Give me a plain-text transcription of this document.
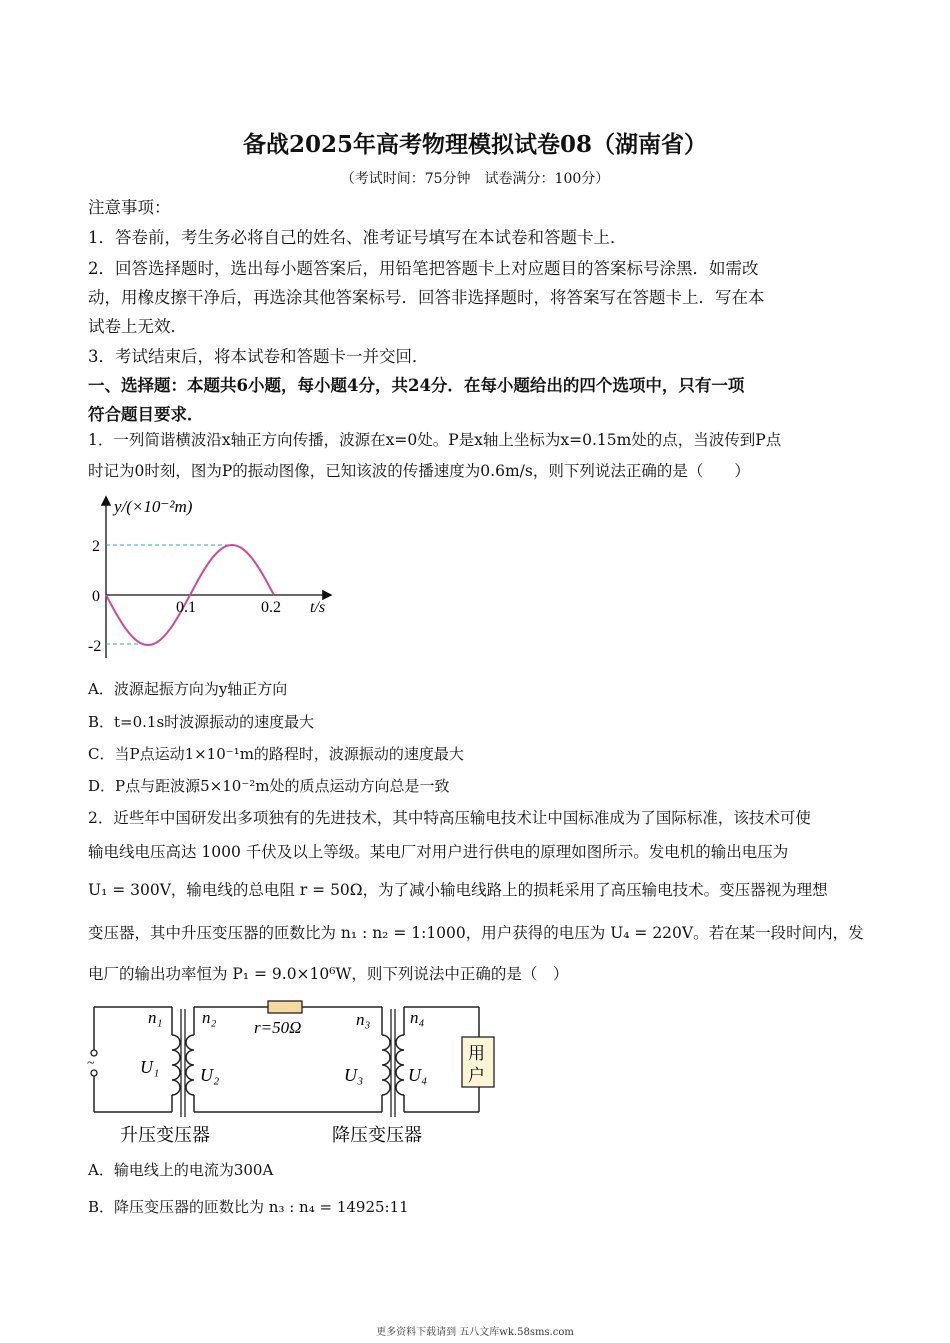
备战2025年高考物理模拟试卷08（湖南省）
（考试时间：75分钟　试卷满分：100分）
注意事项：
1．答卷前，考生务必将自己的姓名、准考证号填写在本试卷和答题卡上．
2．回答选择题时，选出每小题答案后，用铅笔把答题卡上对应题目的答案标号涂黑．如需改
动，用橡皮擦干净后，再选涂其他答案标号．回答非选择题时，将答案写在答题卡上．写在本
试卷上无效．
3．考试结束后，将本试卷和答题卡一并交回．
一、选择题：本题共6小题，每小题4分，共24分．在每小题给出的四个选项中，只有一项
符合题目要求．
1．一列简谐横波沿x轴正方向传播，波源在x=0处。P是x轴上坐标为x=0.15m处的点，当波传到P点
时记为0时刻，图为P的振动图像，已知该波的传播速度为0.6m/s，则下列说法正确的是（　　）
y/(×10⁻²m)
2
0
-2
0.1	0.2 t/s
A．波源起振方向为y轴正方向
B．t=0.1s时波源振动的速度最大
C．当P点运动1×10⁻¹m的路程时，波源振动的速度最大
D．P点与距波源5×10⁻²m处的质点运动方向总是一致
2．近些年中国研发出多项独有的先进技术，其中特高压输电技术让中国标准成为了国际标准，该技术可使
输电线电压高达 1000 千伏及以上等级。某电厂对用户进行供电的原理如图所示。发电机的输出电压为
U₁ = 300V，输电线的总电阻 r = 50Ω，为了减小输电线路上的损耗采用了高压输电技术。变压器视为理想
变压器，其中升压变压器的匝数比为 n₁ : n₂ = 1:1000，用户获得的电压为 U₄ = 220V。若在某一段时间内，发
电厂的输出功率恒为 P₁ = 9.0×10⁶W，则下列说法中正确的是（　）
~
用
户
n₁
U₁
n₂
U₂
r=50Ω	n₃
U₃
n₄
U₄
升压变压器	降压变压器
A．输电线上的电流为300A
B．降压变压器的匝数比为 n₃ : n₄ = 14925:11
更多资料下载请到 五八文库wk.58sms.com
